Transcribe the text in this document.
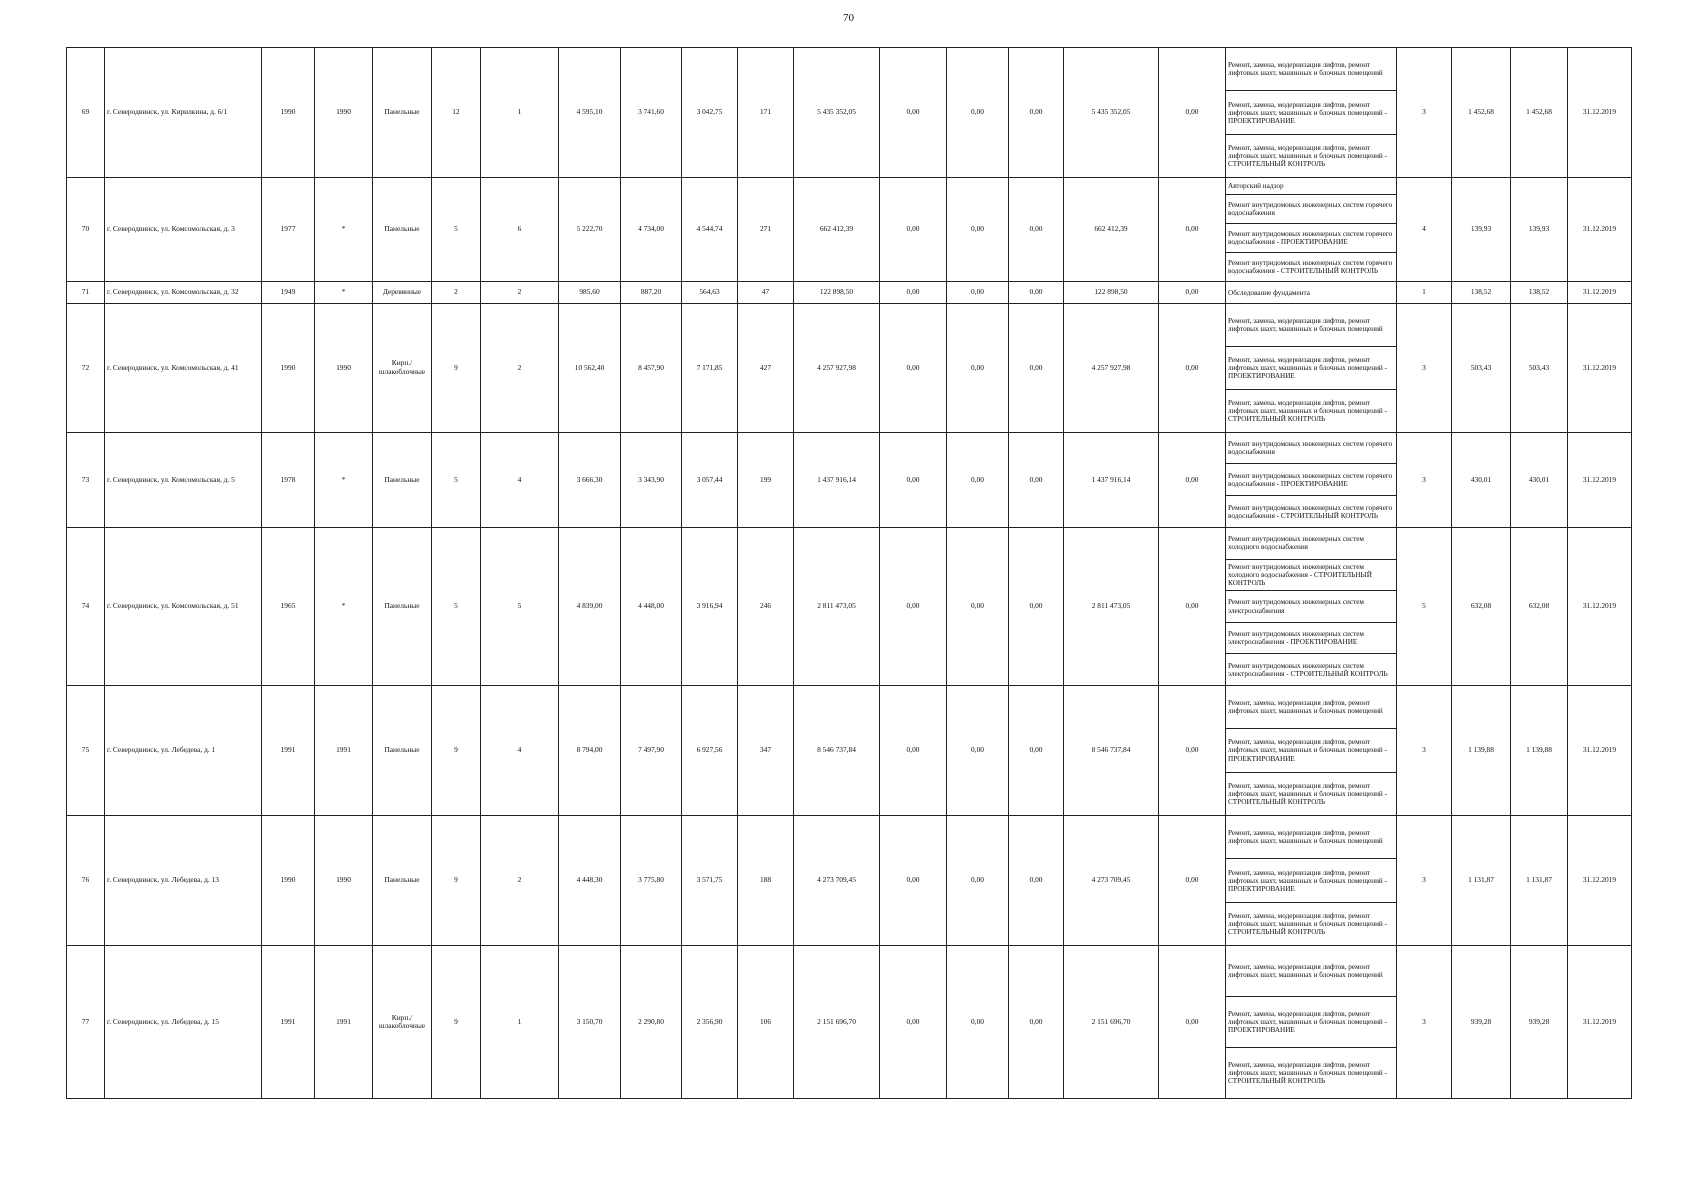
70
69	г. Северодвинск, ул. Кирилкина, д. 6/1	1990	1990	Панельные	12	1	4 595,10	3 741,60	3 042,75	171	5 435 352,05	0,00	0,00	0,00	5 435 352,05	0,00	Ремонт, замена, модернизация лифтов, ремонт лифтовых шахт, машинных и блочных помещений
Ремонт, замена, модернизация лифтов, ремонт лифтовых шахт, машинных и блочных помещений - ПРОЕКТИРОВАНИЕ
Ремонт, замена, модернизация лифтов, ремонт лифтовых шахт, машинных и блочных помещений - СТРОИТЕЛЬНЫЙ КОНТРОЛЬ	3	1 452,68	1 452,68	31.12.2019
70	г. Северодвинск, ул. Комсомольская, д. 3	1977	*	Панельные	5	6	5 222,70	4 734,00	4 544,74	271	662 412,39	0,00	0,00	0,00	662 412,39	0,00	Авторский надзор
Ремонт внутридомовых инженерных систем горячего водоснабжения
Ремонт внутридомовых инженерных систем горячего водоснабжения - ПРОЕКТИРОВАНИЕ
Ремонт внутридомовых инженерных систем горячего водоснабжения - СТРОИТЕЛЬНЫЙ КОНТРОЛЬ	4	139,93	139,93	31.12.2019
71	г. Северодвинск, ул. Комсомольская, д. 32	1949	*	Деревянные	2	2	985,60	887,20	564,63	47	122 898,50	0,00	0,00	0,00	122 898,50	0,00	Обследование фундамента	1	138,52	138,52	31.12.2019
72	г. Северодвинск, ул. Комсомольская, д. 41	1990	1990	Кирп./ шлакоблочные	9	2	10 562,40	8 457,90	7 171,85	427	4 257 927,98	0,00	0,00	0,00	4 257 927,98	0,00	Ремонт, замена, модернизация лифтов, ремонт лифтовых шахт, машинных и блочных помещений
Ремонт, замена, модернизация лифтов, ремонт лифтовых шахт, машинных и блочных помещений - ПРОЕКТИРОВАНИЕ
Ремонт, замена, модернизация лифтов, ремонт лифтовых шахт, машинных и блочных помещений - СТРОИТЕЛЬНЫЙ КОНТРОЛЬ	3	503,43	503,43	31.12.2019
73	г. Северодвинск, ул. Комсомольская, д. 5	1978	*	Панельные	5	4	3 666,30	3 343,90	3 057,44	199	1 437 916,14	0,00	0,00	0,00	1 437 916,14	0,00	Ремонт внутридомовых инженерных систем горячего водоснабжения
Ремонт внутридомовых инженерных систем горячего водоснабжения - ПРОЕКТИРОВАНИЕ
Ремонт внутридомовых инженерных систем горячего водоснабжения - СТРОИТЕЛЬНЫЙ КОНТРОЛЬ	3	430,01	430,01	31.12.2019
74	г. Северодвинск, ул. Комсомольская, д. 51	1965	*	Панельные	5	5	4 839,00	4 448,00	3 916,94	246	2 811 473,05	0,00	0,00	0,00	2 811 473,05	0,00	Ремонт внутридомовых инженерных систем холодного водоснабжения
Ремонт внутридомовых инженерных систем холодного водоснабжения - СТРОИТЕЛЬНЫЙ КОНТРОЛЬ
Ремонт внутридомовых инженерных систем электроснабжения
Ремонт внутридомовых инженерных систем электроснабжения - ПРОЕКТИРОВАНИЕ
Ремонт внутридомовых инженерных систем электроснабжения - СТРОИТЕЛЬНЫЙ КОНТРОЛЬ	5	632,08	632,08	31.12.2019
75	г. Северодвинск, ул. Лебедева, д. 1	1991	1991	Панельные	9	4	8 794,00	7 497,90	6 927,56	347	8 546 737,84	0,00	0,00	0,00	8 546 737,84	0,00	Ремонт, замена, модернизация лифтов, ремонт лифтовых шахт, машинных и блочных помещений
Ремонт, замена, модернизация лифтов, ремонт лифтовых шахт, машинных и блочных помещений - ПРОЕКТИРОВАНИЕ
Ремонт, замена, модернизация лифтов, ремонт лифтовых шахт, машинных и блочных помещений - СТРОИТЕЛЬНЫЙ КОНТРОЛЬ	3	1 139,88	1 139,88	31.12.2019
76	г. Северодвинск, ул. Лебедева, д. 13	1990	1990	Панельные	9	2	4 448,30	3 775,80	3 571,75	188	4 273 709,45	0,00	0,00	0,00	4 273 709,45	0,00	Ремонт, замена, модернизация лифтов, ремонт лифтовых шахт, машинных и блочных помещений
Ремонт, замена, модернизация лифтов, ремонт лифтовых шахт, машинных и блочных помещений - ПРОЕКТИРОВАНИЕ
Ремонт, замена, модернизация лифтов, ремонт лифтовых шахт, машинных и блочных помещений - СТРОИТЕЛЬНЫЙ КОНТРОЛЬ	3	1 131,87	1 131,87	31.12.2019
77	г. Северодвинск, ул. Лебедева, д. 15	1991	1991	Кирп./ шлакоблочные	9	1	3 150,70	2 290,80	2 356,90	106	2 151 696,70	0,00	0,00	0,00	2 151 696,70	0,00	Ремонт, замена, модернизация лифтов, ремонт лифтовых шахт, машинных и блочных помещений
Ремонт, замена, модернизация лифтов, ремонт лифтовых шахт, машинных и блочных помещений - ПРОЕКТИРОВАНИЕ
Ремонт, замена, модернизация лифтов, ремонт лифтовых шахт, машинных и блочных помещений - СТРОИТЕЛЬНЫЙ КОНТРОЛЬ	3	939,28	939,28	31.12.2019
